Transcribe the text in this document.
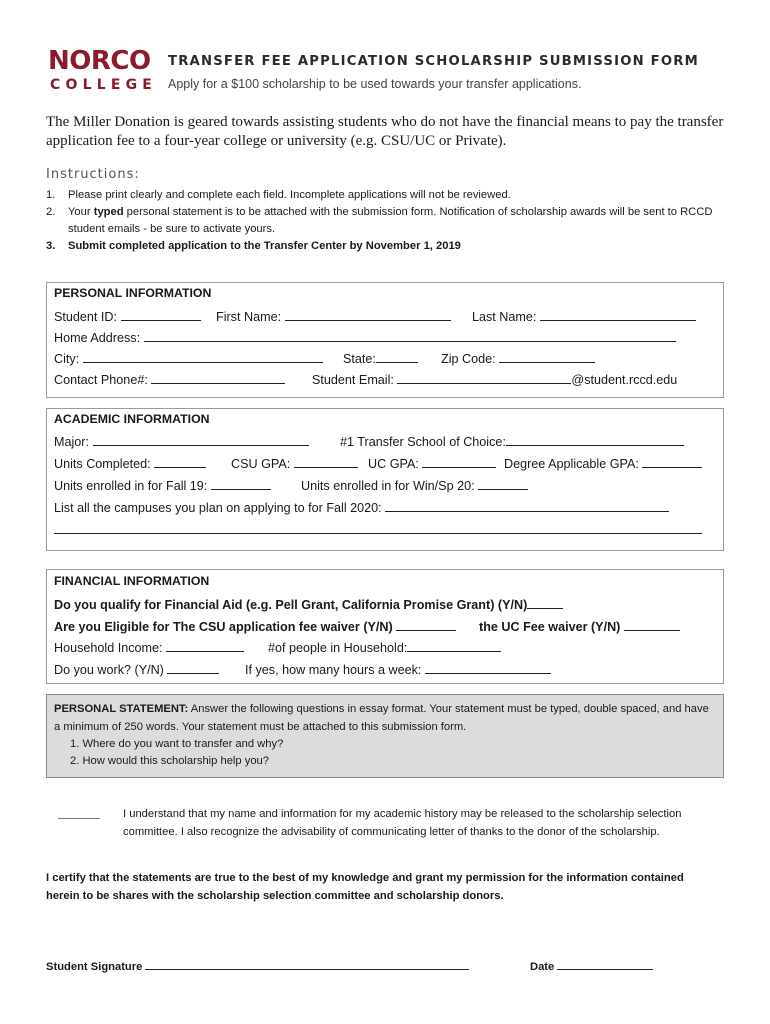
NORCO
COLLEGE
TRANSFER FEE APPLICATION SCHOLARSHIP SUBMISSION FORM
Apply for a $100 scholarship to be used towards your transfer applications.
The Miller Donation is geared towards assisting students who do not have the financial means to pay the transfer application fee to a four-year college or university (e.g. CSU/UC or Private).
Instructions:
1.	Please print clearly and complete each field. Incomplete applications will not be reviewed.
2.	Your typed personal statement is to be attached with the submission form. Notification of scholarship awards will be sent to RCCD student emails - be sure to activate yours.
3.	Submit completed application to the Transfer Center by November 1, 2019
PERSONAL INFORMATION
Student ID:	First Name:	Last Name:
Home Address:
City:	State:	Zip Code:
Contact Phone#:	Student Email:	@student.rccd.edu
ACADEMIC INFORMATION
Major:	#1 Transfer School of Choice:
Units Completed:	CSU GPA:	UC GPA:	Degree Applicable GPA:
Units enrolled in for Fall 19:	Units enrolled in for Win/Sp 20:
List all the campuses you plan on applying to for Fall 2020:
FINANCIAL INFORMATION
Do you qualify for Financial Aid (e.g. Pell Grant, California Promise Grant) (Y/N)
Are you Eligible for The CSU application fee waiver (Y/N)	the UC Fee waiver (Y/N)
Household Income:	#of people in Household:
Do you work? (Y/N)	If yes, how many hours a week:
PERSONAL STATEMENT: Answer the following questions in essay format. Your statement must be typed, double spaced, and have a minimum of 250 words. Your statement must be attached to this submission form.
1. Where do you want to transfer and why?
2. How would this scholarship help you?
I understand that my name and information for my academic history may be released to the scholarship selection committee. I also recognize the advisability of communicating letter of thanks to the donor of the scholarship.
I certify that the statements are true to the best of my knowledge and grant my permission for the information contained herein to be shares with the scholarship selection committee and scholarship donors.
Student Signature	Date
